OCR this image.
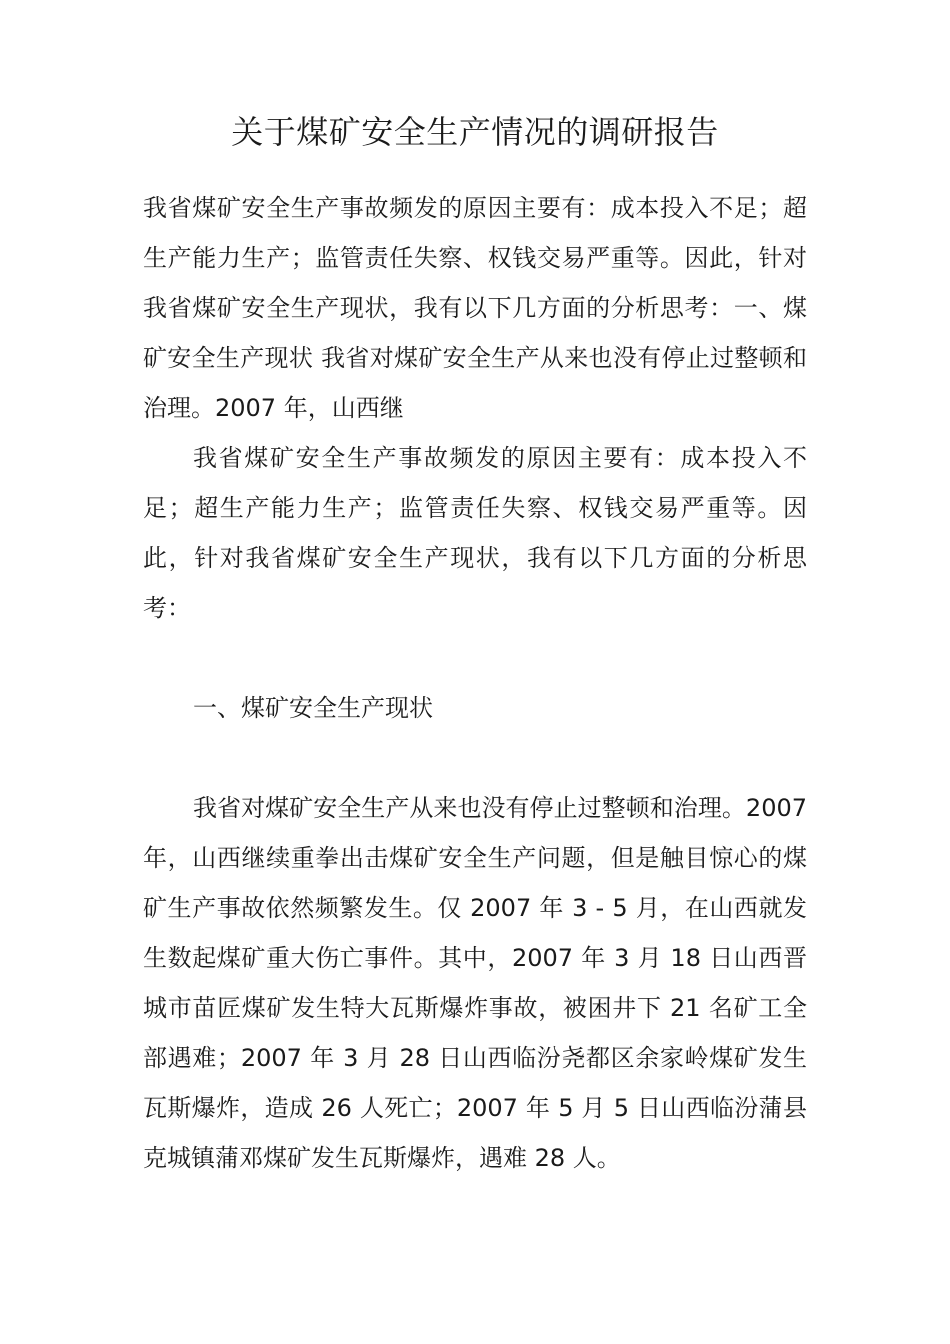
关于煤矿安全生产情况的调研报告

我省煤矿安全生产事故频发的原因主要有：成本投入不足；超生产能力生产；监管责任失察、权钱交易严重等。因此，针对我省煤矿安全生产现状，我有以下几方面的分析思考：一、煤矿安全生产现状 我省对煤矿安全生产从来也没有停止过整顿和治理。2007 年，山西继

我省煤矿安全生产事故频发的原因主要有：成本投入不足；超生产能力生产；监管责任失察、权钱交易严重等。因此，针对我省煤矿安全生产现状，我有以下几方面的分析思考：

一、煤矿安全生产现状

我省对煤矿安全生产从来也没有停止过整顿和治理。2007 年，山西继续重拳出击煤矿安全生产问题，但是触目惊心的煤矿生产事故依然频繁发生。仅 2007 年 3 - 5 月，在山西就发生数起煤矿重大伤亡事件。其中，2007 年 3 月 18 日山西晋城市苗匠煤矿发生特大瓦斯爆炸事故，被困井下 21 名矿工全部遇难；2007 年 3 月 28 日山西临汾尧都区余家岭煤矿发生瓦斯爆炸，造成 26 人死亡；2007 年 5 月 5 日山西临汾蒲县克城镇蒲邓煤矿发生瓦斯爆炸，遇难 28 人。
